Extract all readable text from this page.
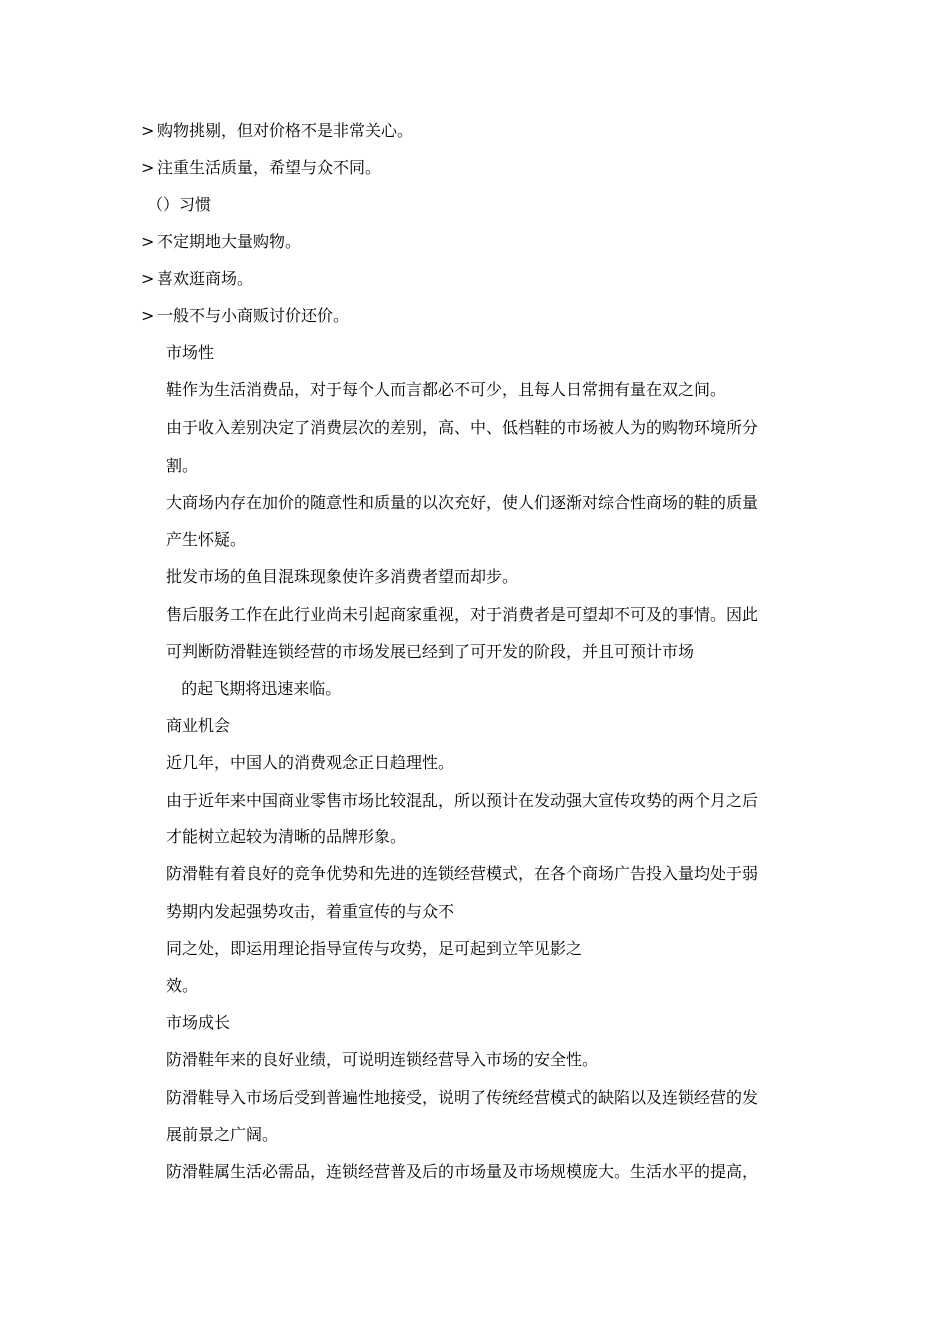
> 购物挑剔，但对价格不是非常关心。
> 注重生活质量，希望与众不同。
（）习惯
> 不定期地大量购物。
> 喜欢逛商场。
> 一般不与小商贩讨价还价。
市场性
鞋作为生活消费品，对于每个人而言都必不可少，且每人日常拥有量在双之间。
由于收入差别决定了消费层次的差别，高、中、低档鞋的市场被人为的购物环境所分
割。
大商场内存在加价的随意性和质量的以次充好，使人们逐渐对综合性商场的鞋的质量
产生怀疑。
批发市场的鱼目混珠现象使许多消费者望而却步。
售后服务工作在此行业尚未引起商家重视，对于消费者是可望却不可及的事情。因此
可判断防滑鞋连锁经营的市场发展已经到了可开发的阶段，并且可预计市场
的起飞期将迅速来临。
商业机会
近几年，中国人的消费观念正日趋理性。
由于近年来中国商业零售市场比较混乱，所以预计在发动强大宣传攻势的两个月之后
才能树立起较为清晰的品牌形象。
防滑鞋有着良好的竞争优势和先进的连锁经营模式，在各个商场广告投入量均处于弱
势期内发起强势攻击，着重宣传的与众不
同之处，即运用理论指导宣传与攻势，足可起到立竿见影之
效。
市场成长
防滑鞋年来的良好业绩，可说明连锁经营导入市场的安全性。
防滑鞋导入市场后受到普遍性地接受，说明了传统经营模式的缺陷以及连锁经营的发
展前景之广阔。
防滑鞋属生活必需品，连锁经营普及后的市场量及市场规模庞大。生活水平的提高，
